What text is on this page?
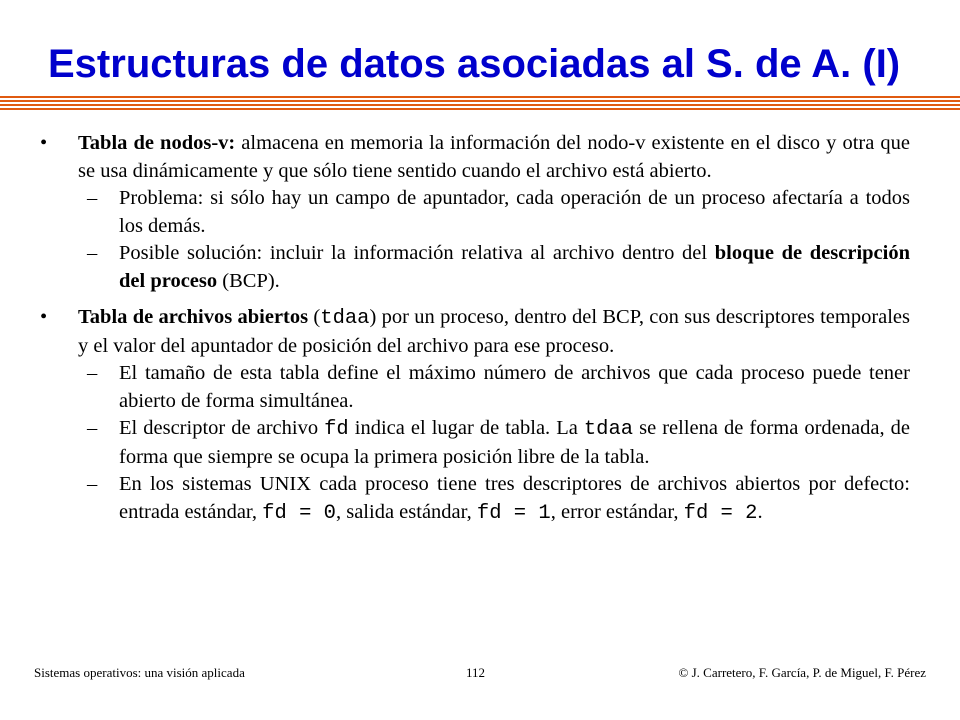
Estructuras de datos asociadas al S. de A. (I)
• Tabla de nodos-v: almacena en memoria la información del nodo-v existente en el disco y otra que se usa dinámicamente y que sólo tiene sentido cuando el archivo está abierto.

– Problema: si sólo hay un campo de apuntador, cada operación de un proceso afectaría a todos los demás.

– Posible solución: incluir la información relativa al archivo dentro del bloque de descripción del proceso (BCP).

• Tabla de archivos abiertos (tdaa) por un proceso, dentro del BCP, con sus descriptores temporales y el valor del apuntador de posición del archivo para ese proceso.

– El tamaño de esta tabla define el máximo número de archivos que cada proceso puede tener abierto de forma simultánea.

– El descriptor de archivo fd indica el lugar de tabla. La tdaa se rellena de forma ordenada, de forma que siempre se ocupa la primera posición libre de la tabla.

– En los sistemas UNIX cada proceso tiene tres descriptores de archivos abiertos por defecto: entrada estándar, fd = 0, salida estándar, fd = 1, error estándar, fd = 2.

Sistemas operativos: una visión aplicada	112	© J. Carretero, F. García, P. de Miguel, F. Pérez
